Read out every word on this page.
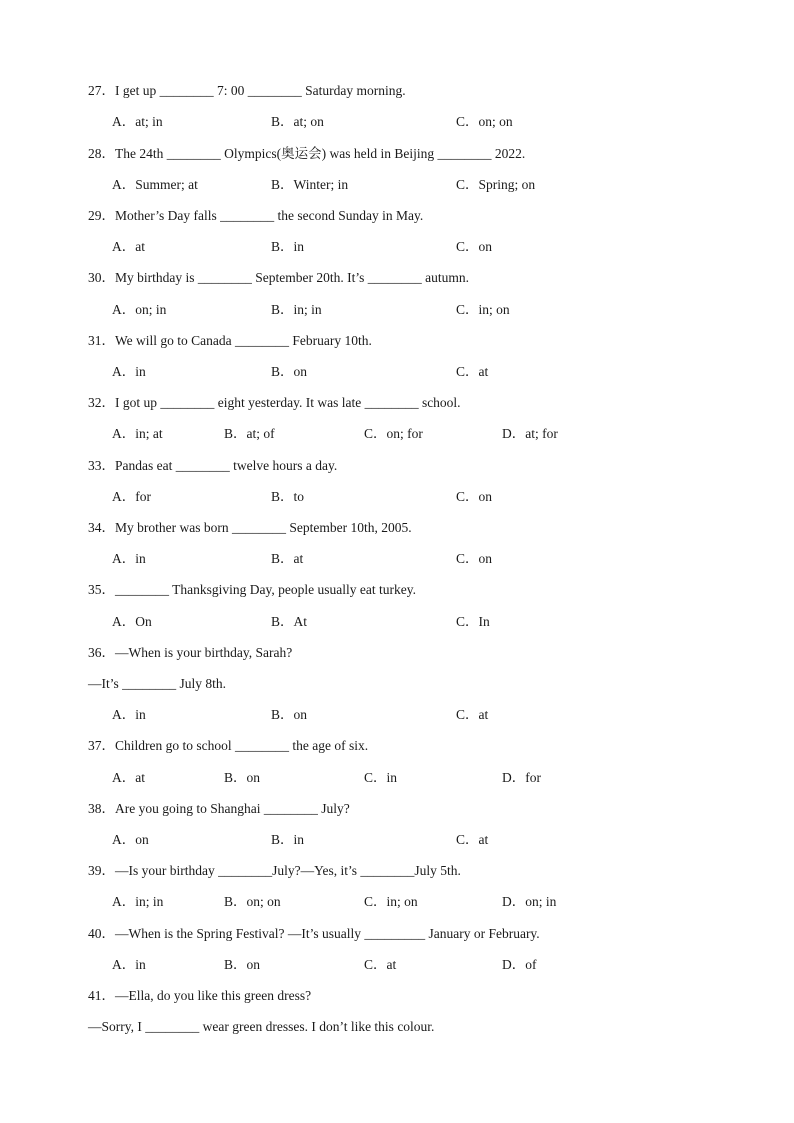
27．I get up ________ 7: 00 ________ Saturday morning.
A．at; in	B．at; on	C．on; on
28．The 24th ________ Olympics(奥运会) was held in Beijing ________ 2022.
A．Summer; at	B．Winter; in	C．Spring; on
29．Mother’s Day falls ________ the second Sunday in May.
A．at	B．in	C．on
30．My birthday is ________ September 20th. It’s ________ autumn.
A．on; in	B．in; in	C．in; on
31．We will go to Canada ________ February 10th.
A．in	B．on	C．at
32．I got up ________ eight yesterday. It was late ________ school.
A．in; at	B．at; of	C．on; for	D．at; for
33．Pandas eat ________ twelve hours a day.
A．for	B．to	C．on
34．My brother was born ________ September 10th, 2005.
A．in	B．at	C．on
35．________ Thanksgiving Day, people usually eat turkey.
A．On	B．At	C．In
36．—When is your birthday, Sarah?
—It’s ________ July 8th.
A．in	B．on	C．at
37．Children go to school ________ the age of six.
A．at	B．on	C．in	D．for
38．Are you going to Shanghai ________ July?
A．on	B．in	C．at
39．—Is your birthday ________July?—Yes, it’s ________July 5th.
A．in; in	B．on; on	C．in; on	D．on; in
40．—When is the Spring Festival? —It’s usually _________ January or February.
A．in	B．on	C．at	D．of
41．—Ella, do you like this green dress?
—Sorry, I ________ wear green dresses. I don’t like this colour.
